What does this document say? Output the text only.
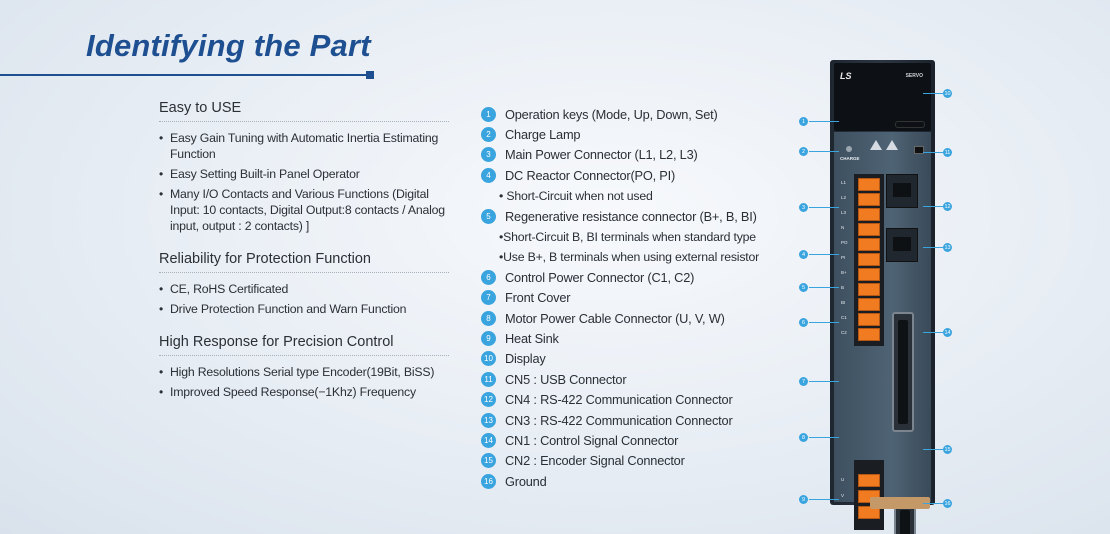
Identifying the Part
Easy to USE
• Easy Gain Tuning with Automatic Inertia Estimating Function
• Easy Setting Built-in Panel Operator
• Many I/O Contacts and Various Functions (Digital Input: 10 contacts, Digital Output:8 contacts / Analog input, output : 2 contacts) ]
Reliability for Protection Function
• CE, RoHS Certificated
• Drive Protection Function and Warn Function
High Response for Precision Control
• High Resolutions Serial type Encoder(19Bit, BiSS)
• Improved Speed Response(−1Khz) Frequency
1	Operation keys (Mode, Up, Down, Set)
2	Charge Lamp
3	Main Power Connector (L1, L2, L3)
4	DC Reactor Connector(PO, PI)
• Short-Circuit when not used
5	Regenerative resistance connector (B+, B, BI)
•Short-Circuit B, BI terminals when standard type
•Use B+, B terminals when using external resistor
6	Control Power Connector (C1, C2)
7	Front Cover
8	Motor Power Cable Connector (U, V, W)
9	Heat Sink
10 Display
11 CN5 : USB Connector
12 CN4 : RS-422 Communication Connector
13 CN3 : RS-422 Communication Connector
14 CN1 : Control Signal Connector
15 CN2 : Encoder Signal Connector
16 Ground
LS	SERVO
CHARGE
L1
L2
L3
N
PO
PI
B+
B
BI
C1
C2
U
V
W
1
2
3
4
5
6
7
8
9
10
11
12
13
14
15
16
